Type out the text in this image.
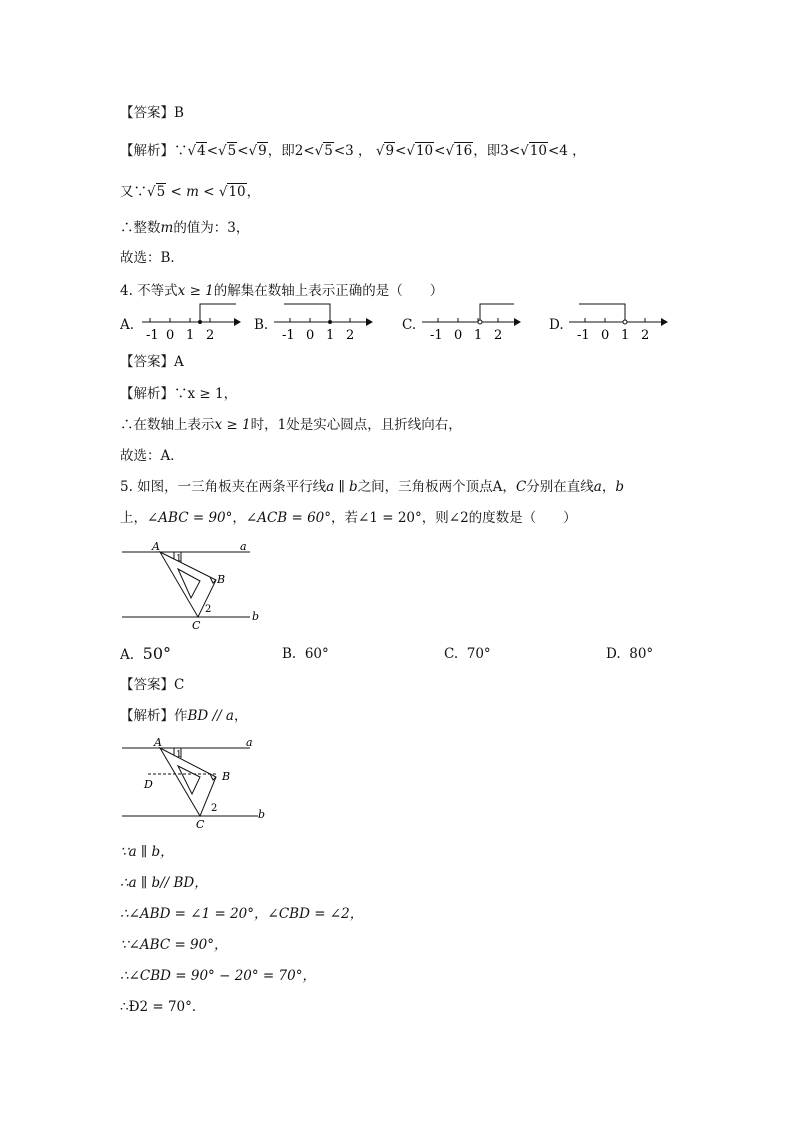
【答案】B
【解析】∵√4<√5<√9，即2<√5<3 ， √9<√10<√16，即3<√10<4 ，
又∵√5 < m < √10，
∴整数m的值为：3，
故选：B．
4. 不等式x ≥ 1的解集在数轴上表示正确的是（　　）
A.	B.	C.	D.
-1 0 1 2	-1 0 1 2	-1 0 1 2	-1 0 1 2
【答案】A
【解析】∵x ≥ 1，
∴在数轴上表示x ≥ 1时，1处是实心圆点，且折线向右，
故选：A．
5. 如图，一三角板夹在两条平行线a ∥ b之间，三角板两个顶点A，C分别在直线a，b
上，∠ABC = 90°，∠ACB = 60°，若∠1 = 20°，则∠2的度数是（　　）
A
B
C
a
b
1
2
A. 50°	B. 60°	C. 70°	D. 80°
【答案】C
【解析】作BD // a，
A
B
C
D
a
b
1
2
∵a ∥ b，
∴a ∥ b// BD，
∴∠ABD = ∠1 = 20°，∠CBD = ∠2，
∵∠ABC = 90°，
∴∠CBD = 90° − 20° = 70°，
∴Ð2 = 70°．
